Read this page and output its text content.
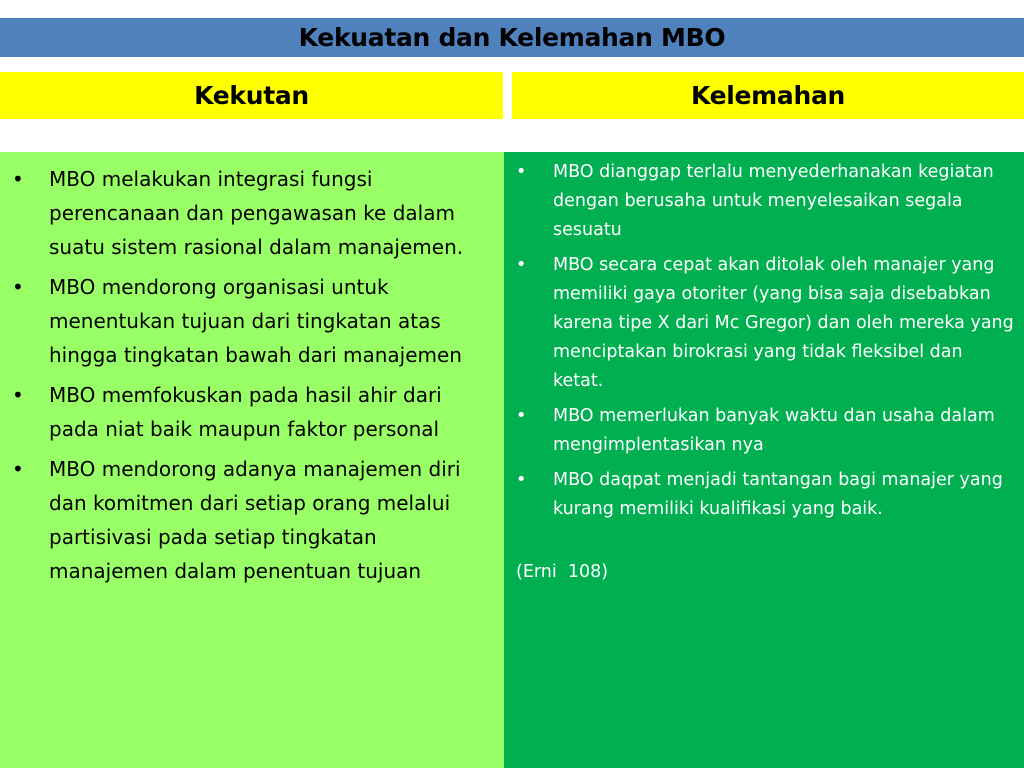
Kekuatan dan Kelemahan MBO
Kekutan	Kelemahan
• MBO melakukan integrasi fungsi perencanaan dan pengawasan ke dalam suatu sistem rasional dalam manajemen.
• MBO mendorong organisasi untuk menentukan tujuan dari tingkatan atas hingga tingkatan bawah dari manajemen
• MBO memfokuskan pada hasil ahir dari pada niat baik maupun faktor personal
• MBO mendorong adanya manajemen diri dan komitmen dari setiap orang melalui partisivasi pada setiap tingkatan manajemen dalam penentuan tujuan
• MBO dianggap terlalu menyederhanakan kegiatan dengan berusaha untuk menyelesaikan segala sesuatu
• MBO secara cepat akan ditolak oleh manajer yang memiliki gaya otoriter (yang bisa saja disebabkan karena tipe X dari Mc Gregor) dan oleh mereka yang menciptakan birokrasi yang tidak fleksibel dan ketat.
• MBO memerlukan banyak waktu dan usaha dalam mengimplentasikan nya
• MBO daqpat menjadi tantangan bagi manajer yang kurang memiliki kualifikasi yang baik.
(Erni  108)
